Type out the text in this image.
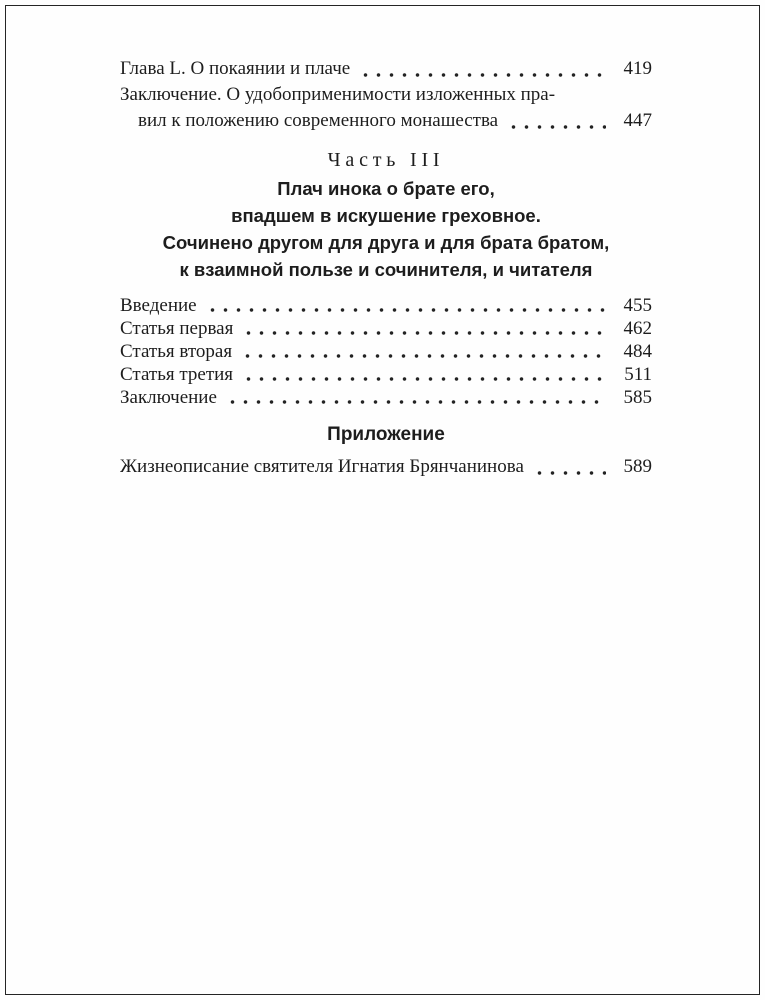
Глава L. О покаянии и плаче	419
Заключение. О удобоприменимости изложенных пра-
вил к положению современного монашества	447
Часть III
Плач инока о брате его,
впадшем в искушение греховное.
Сочинено другом для друга и для брата братом,
к взаимной пользе и сочинителя, и читателя
Введение	455
Статья первая	462
Статья вторая	484
Статья третия	511
Заключение	585
Приложение
Жизнеописание святителя Игнатия Брянчанинова	589
